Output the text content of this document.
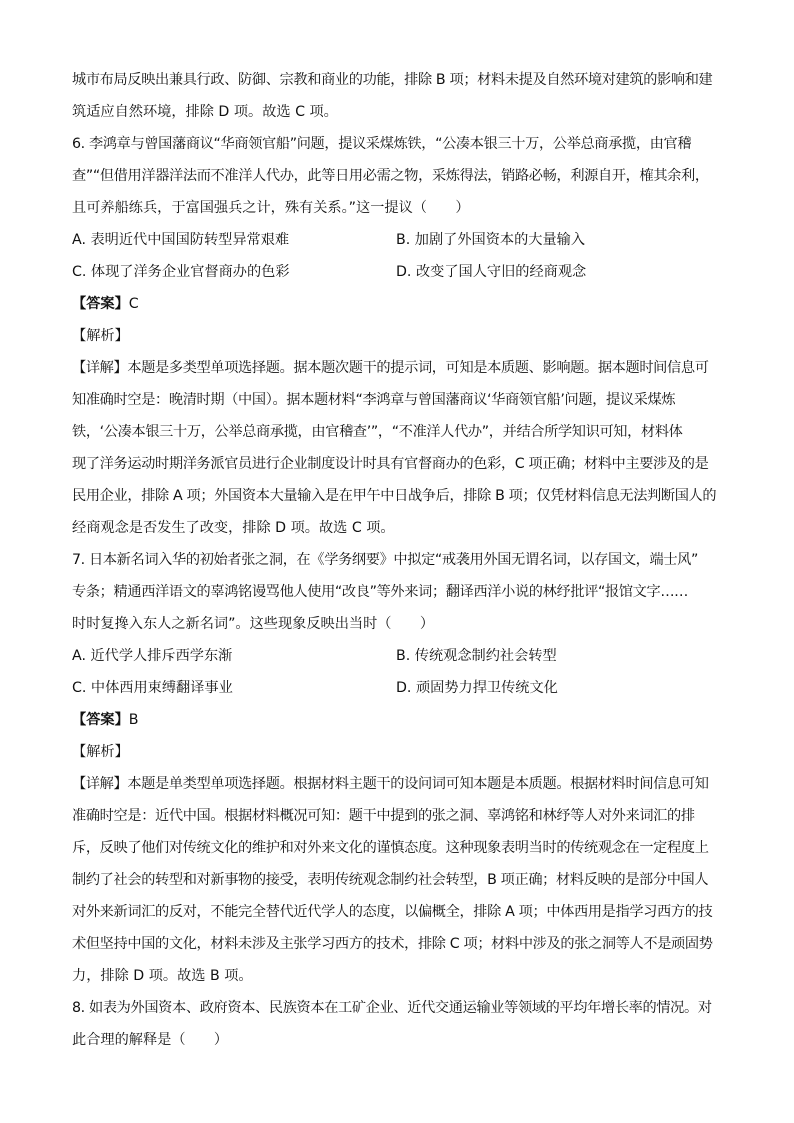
城市布局反映出兼具行政、防御、宗教和商业的功能，排除 B 项；材料未提及自然环境对建筑的影响和建

筑适应自然环境，排除 D 项。故选 C 项。

6. 李鸿章与曾国藩商议“华商领官船”问题，提议采煤炼铁，“公凑本银三十万，公举总商承揽，由官稽

查”“但借用洋器洋法而不准洋人代办，此等日用必需之物，采炼得法，销路必畅，利源自开，榷其余利，

且可养船练兵，于富国强兵之计，殊有关系。”这一提议（　　）

A. 表明近代中国国防转型异常艰难	B. 加剧了外国资本的大量输入
C. 体现了洋务企业官督商办的色彩	D. 改变了国人守旧的经商观念

【答案】C

【解析】

【详解】本题是多类型单项选择题。据本题次题干的提示词，可知是本质题、影响题。据本题时间信息可

知准确时空是：晚清时期（中国）。据本题材料“李鸿章与曾国藩商议‘华商领官船’问题，提议采煤炼

铁，‘公凑本银三十万，公举总商承揽，由官稽查’”，“不准洋人代办”，并结合所学知识可知，材料体

现了洋务运动时期洋务派官员进行企业制度设计时具有官督商办的色彩，C 项正确；材料中主要涉及的是

民用企业，排除 A 项；外国资本大量输入是在甲午中日战争后，排除 B 项；仅凭材料信息无法判断国人的

经商观念是否发生了改变，排除 D 项。故选 C 项。

7. 日本新名词入华的初始者张之洞，在《学务纲要》中拟定“戒袭用外国无谓名词，以存国文，端士风”

专条；精通西洋语文的辜鸿铭谩骂他人使用“改良”等外来词；翻译西洋小说的林纾批评“报馆文字……

时时复搀入东人之新名词”。这些现象反映出当时（　　）

A. 近代学人排斥西学东渐	B. 传统观念制约社会转型
C. 中体西用束缚翻译事业	D. 顽固势力捍卫传统文化

【答案】B

【解析】

【详解】本题是单类型单项选择题。根据材料主题干的设问词可知本题是本质题。根据材料时间信息可知

准确时空是：近代中国。根据材料概况可知：题干中提到的张之洞、辜鸿铭和林纾等人对外来词汇的排

斥，反映了他们对传统文化的维护和对外来文化的谨慎态度。这种现象表明当时的传统观念在一定程度上

制约了社会的转型和对新事物的接受，表明传统观念制约社会转型，B 项正确；材料反映的是部分中国人

对外来新词汇的反对，不能完全替代近代学人的态度，以偏概全，排除 A 项；中体西用是指学习西方的技

术但坚持中国的文化，材料未涉及主张学习西方的技术，排除 C 项；材料中涉及的张之洞等人不是顽固势

力，排除 D 项。故选 B 项。

8. 如表为外国资本、政府资本、民族资本在工矿企业、近代交通运输业等领域的平均年增长率的情况。对

此合理的解释是（　　）
